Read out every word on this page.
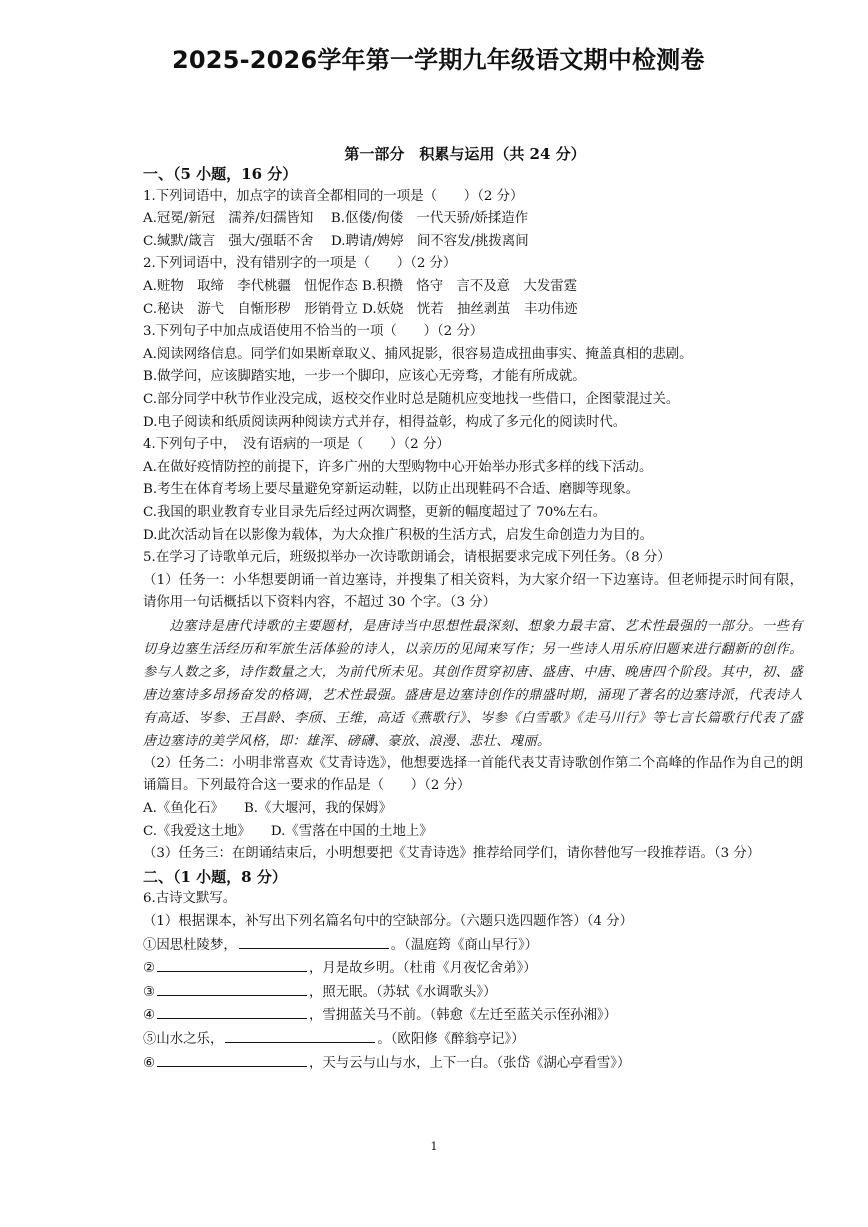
2025-2026学年第一学期九年级语文期中检测卷
第一部分　积累与运用（共 24 分）
一、（5 小题，16 分）
1.下列词语中，加点字的读音全都相同的一项是（　　）（2 分）
A.冠冕/新冠　濡养/妇孺皆知　 B.伛偻/佝偻　一代天骄/娇揉造作
C.缄默/箴言　强大/强聒不舍　 D.聘请/娉婷　间不容发/挑拨离间
2.下列词语中，没有错别字的一项是（　　）（2 分）
A.赃物　取缔　李代桃疆　忸怩作态 B.积攒　恪守　言不及意　大发雷霆
C.秘诀　游弋　自惭形秽　形销骨立 D.妖娆　恍若　抽丝剥茧　丰功伟迹
3.下列句子中加点成语使用不恰当的一项（　　）（2 分）
A.阅读网络信息。同学们如果断章取义、捕风捉影，很容易造成扭曲事实、掩盖真相的悲剧。
B.做学问，应该脚踏实地，一步一个脚印，应该心无旁骛，才能有所成就。
C.部分同学中秋节作业没完成，返校交作业时总是随机应变地找一些借口，企图蒙混过关。
D.电子阅读和纸质阅读两种阅读方式并存，相得益彰，构成了多元化的阅读时代。
4.下列句子中，　没有语病的一项是（　　）（2 分）
A.在做好疫情防控的前提下，许多广州的大型购物中心开始举办形式多样的线下活动。
B.考生在体育考场上要尽量避免穿新运动鞋，以防止出现鞋码不合适、磨脚等现象。
C.我国的职业教育专业目录先后经过两次调整，更新的幅度超过了 70%左右。
D.此次活动旨在以影像为载体，为大众推广积极的生活方式，启发生命创造力为目的。
5.在学习了诗歌单元后，班级拟举办一次诗歌朗诵会，请根据要求完成下列任务。（8 分）
（1）任务一：小华想要朗诵一首边塞诗，并搜集了相关资料，为大家介绍一下边塞诗。但老师提示时间有限，请你用一句话概括以下资料内容，不超过 30 个字。（3 分）
边塞诗是唐代诗歌的主要题材，是唐诗当中思想性最深刻、想象力最丰富、艺术性最强的一部分。一些有切身边塞生活经历和军旅生活体验的诗人，以亲历的见闻来写作；另一些诗人用乐府旧题来进行翻新的创作。参与人数之多，诗作数量之大，为前代所未见。其创作贯穿初唐、盛唐、中唐、晚唐四个阶段。其中，初、盛唐边塞诗多昂扬奋发的格调，艺术性最强。盛唐是边塞诗创作的鼎盛时期，涌现了著名的边塞诗派，代表诗人有高适、岑参、王昌龄、李颀、王维，高适《燕歌行》、岑参《白雪歌》《走马川行》等七言长篇歌行代表了盛唐边塞诗的美学风格，即：雄浑、磅礴、豪放、浪漫、悲壮、瑰丽。
（2）任务二：小明非常喜欢《艾青诗选》，他想要选择一首能代表艾青诗歌创作第二个高峰的作品作为自己的朗诵篇目。下列最符合这一要求的作品是（　　）（2 分）
A.《鱼化石》　　B.《大堰河，我的保姆》
C.《我爱这土地》　　D.《雪落在中国的土地上》
（3）任务三：在朗诵结束后，小明想要把《艾青诗选》推荐给同学们，请你替他写一段推荐语。（3 分）
二、（1 小题，8 分）
6.古诗文默写。
（1）根据课本，补写出下列名篇名句中的空缺部分。（六题只选四题作答）（4 分）
①因思杜陵梦，	。（温庭筠《商山早行》）
②	，月是故乡明。（杜甫《月夜忆舍弟》）
③	，照无眠。（苏轼《水调歌头》）
④	，雪拥蓝关马不前。（韩愈《左迁至蓝关示侄孙湘》）
⑤山水之乐，	。（欧阳修《醉翁亭记》）
⑥	，天与云与山与水，上下一白。（张岱《湖心亭看雪》）
1
